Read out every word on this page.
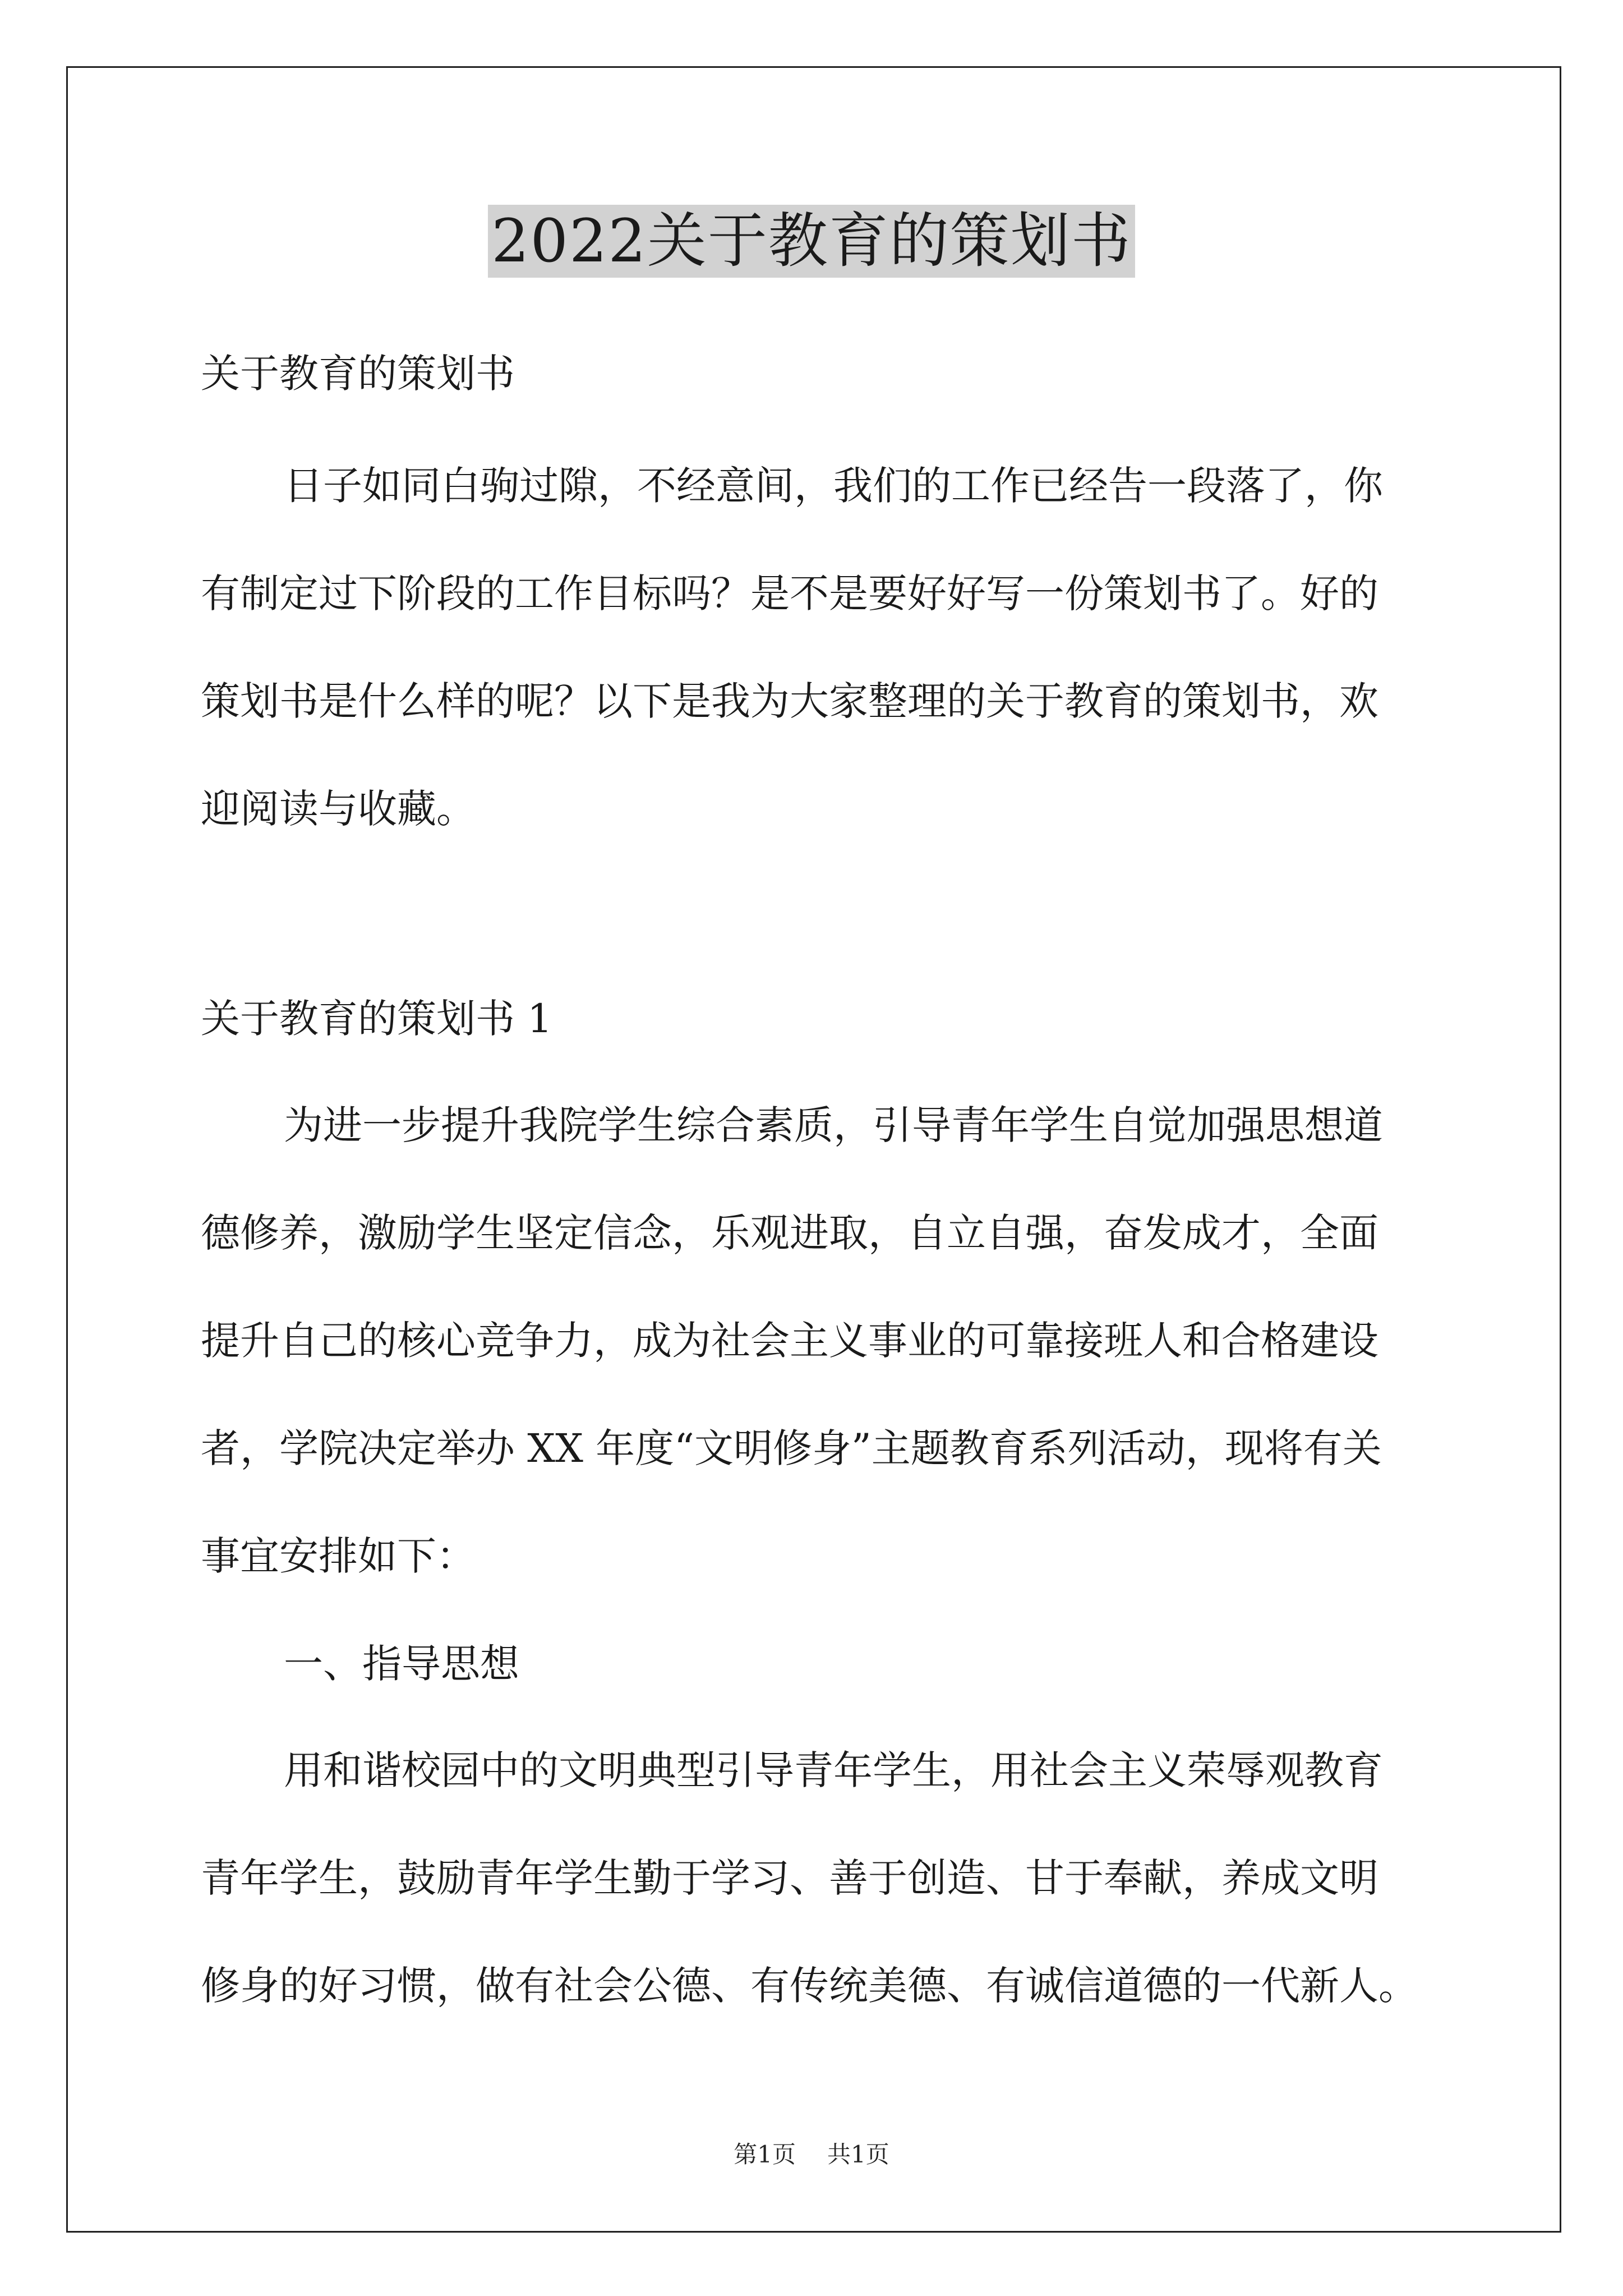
2022关于教育的策划书
关于教育的策划书
日子如同白驹过隙，不经意间，我们的工作已经告一段落了，你
有制定过下阶段的工作目标吗？是不是要好好写一份策划书了。好的
策划书是什么样的呢？以下是我为大家整理的关于教育的策划书，欢
迎阅读与收藏。
关于教育的策划书 1
为进一步提升我院学生综合素质，引导青年学生自觉加强思想道
德修养，激励学生坚定信念，乐观进取，自立自强，奋发成才，全面
提升自己的核心竞争力，成为社会主义事业的可靠接班人和合格建设
者，学院决定举办 XX 年度“文明修身”主题教育系列活动，现将有关
事宜安排如下：
一、指导思想
用和谐校园中的文明典型引导青年学生，用社会主义荣辱观教育
青年学生，鼓励青年学生勤于学习、善于创造、甘于奉献，养成文明
修身的好习惯，做有社会公德、有传统美德、有诚信道德的一代新人。
第1页 共1页
